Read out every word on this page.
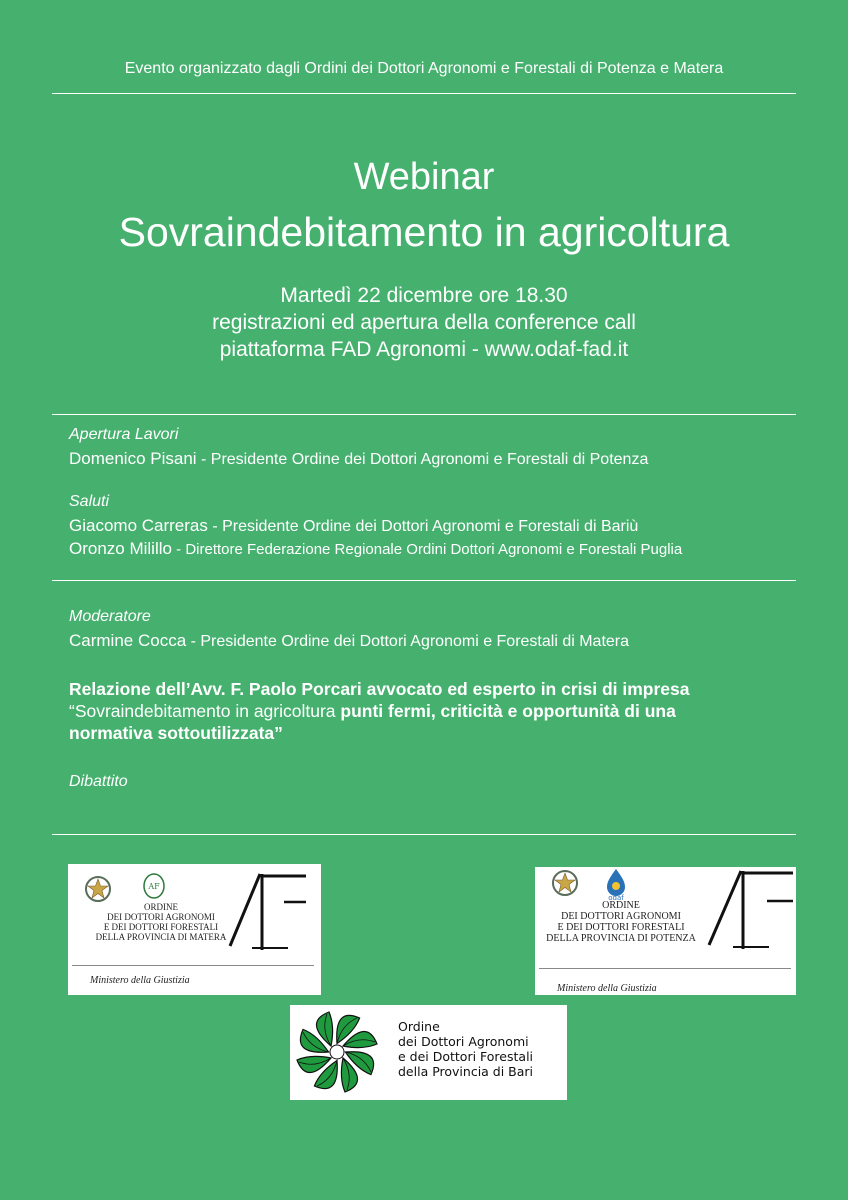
Evento organizzato dagli Ordini dei Dottori Agronomi e Forestali di Potenza e Matera
Webinar
Sovraindebitamento in agricoltura
Martedì 22 dicembre ore 18.30
registrazioni ed apertura della conference call
piattaforma FAD Agronomi - www.odaf-fad.it
Apertura Lavori
Domenico Pisani - Presidente Ordine dei Dottori Agronomi e Forestali di Potenza
Saluti
Giacomo Carreras - Presidente Ordine dei Dottori Agronomi e Forestali di Bariù
Oronzo Milillo - Direttore Federazione Regionale Ordini Dottori Agronomi e Forestali Puglia
Moderatore
Carmine Cocca - Presidente Ordine dei Dottori Agronomi e Forestali di Matera
Relazione dell’Avv. F. Paolo Porcari avvocato ed esperto in crisi di impresa
“Sovraindebitamento in agricoltura punti fermi, criticità e opportunità di una
normativa sottoutilizzata”
Dibattito
AF
ORDINE
DEI DOTTORI AGRONOMI
E DEI DOTTORI FORESTALI
DELLA PROVINCIA DI MATERA
AF
Ministero della Giustizia
odaf
ORDINE
DEI DOTTORI AGRONOMI
E DEI DOTTORI FORESTALI
DELLA PROVINCIA DI POTENZA
AF
Ministero della Giustizia
Ordine
dei Dottori Agronomi
e dei Dottori Forestali
della Provincia di Bari
